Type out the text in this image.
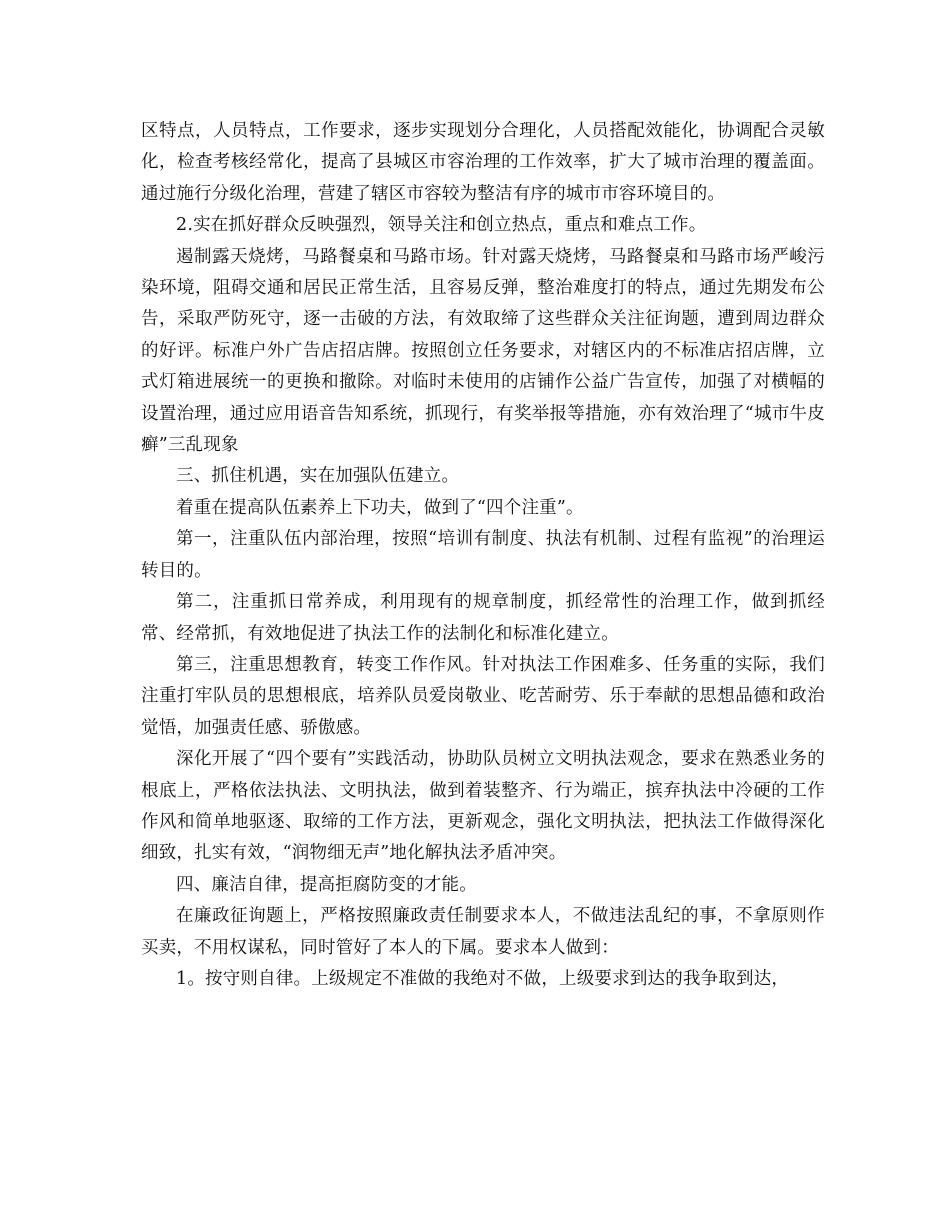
区特点，人员特点，工作要求，逐步实现划分合理化，人员搭配效能化，协调配合灵敏化，检查考核经常化，提高了县城区市容治理的工作效率，扩大了城市治理的覆盖面。通过施行分级化治理，营建了辖区市容较为整洁有序的城市市容环境目的。

2.实在抓好群众反映强烈，领导关注和创立热点，重点和难点工作。

遏制露天烧烤，马路餐桌和马路市场。针对露天烧烤，马路餐桌和马路市场严峻污染环境，阻碍交通和居民正常生活，且容易反弹，整治难度打的特点，通过先期发布公告，采取严防死守，逐一击破的方法，有效取缔了这些群众关注征询题，遭到周边群众的好评。标准户外广告店招店牌。按照创立任务要求，对辖区内的不标准店招店牌，立式灯箱进展统一的更换和撤除。对临时未使用的店铺作公益广告宣传，加强了对横幅的设置治理，通过应用语音告知系统，抓现行，有奖举报等措施，亦有效治理了“城市牛皮癣”三乱现象

三、抓住机遇，实在加强队伍建立。

着重在提高队伍素养上下功夫，做到了“四个注重”。

第一，注重队伍内部治理，按照“培训有制度、执法有机制、过程有监视”的治理运转目的。

第二，注重抓日常养成，利用现有的规章制度，抓经常性的治理工作，做到抓经常、经常抓，有效地促进了执法工作的法制化和标准化建立。

第三，注重思想教育，转变工作作风。针对执法工作困难多、任务重的实际，我们注重打牢队员的思想根底，培养队员爱岗敬业、吃苦耐劳、乐于奉献的思想品德和政治觉悟，加强责任感、骄傲感。

深化开展了“四个要有”实践活动，协助队员树立文明执法观念，要求在熟悉业务的根底上，严格依法执法、文明执法，做到着装整齐、行为端正，摈弃执法中冷硬的工作作风和简单地驱逐、取缔的工作方法，更新观念，强化文明执法，把执法工作做得深化细致，扎实有效，“润物细无声”地化解执法矛盾冲突。

四、廉洁自律，提高拒腐防变的才能。

在廉政征询题上，严格按照廉政责任制要求本人，不做违法乱纪的事，不拿原则作买卖，不用权谋私，同时管好了本人的下属。要求本人做到：

1。按守则自律。上级规定不准做的我绝对不做，上级要求到达的我争取到达，
